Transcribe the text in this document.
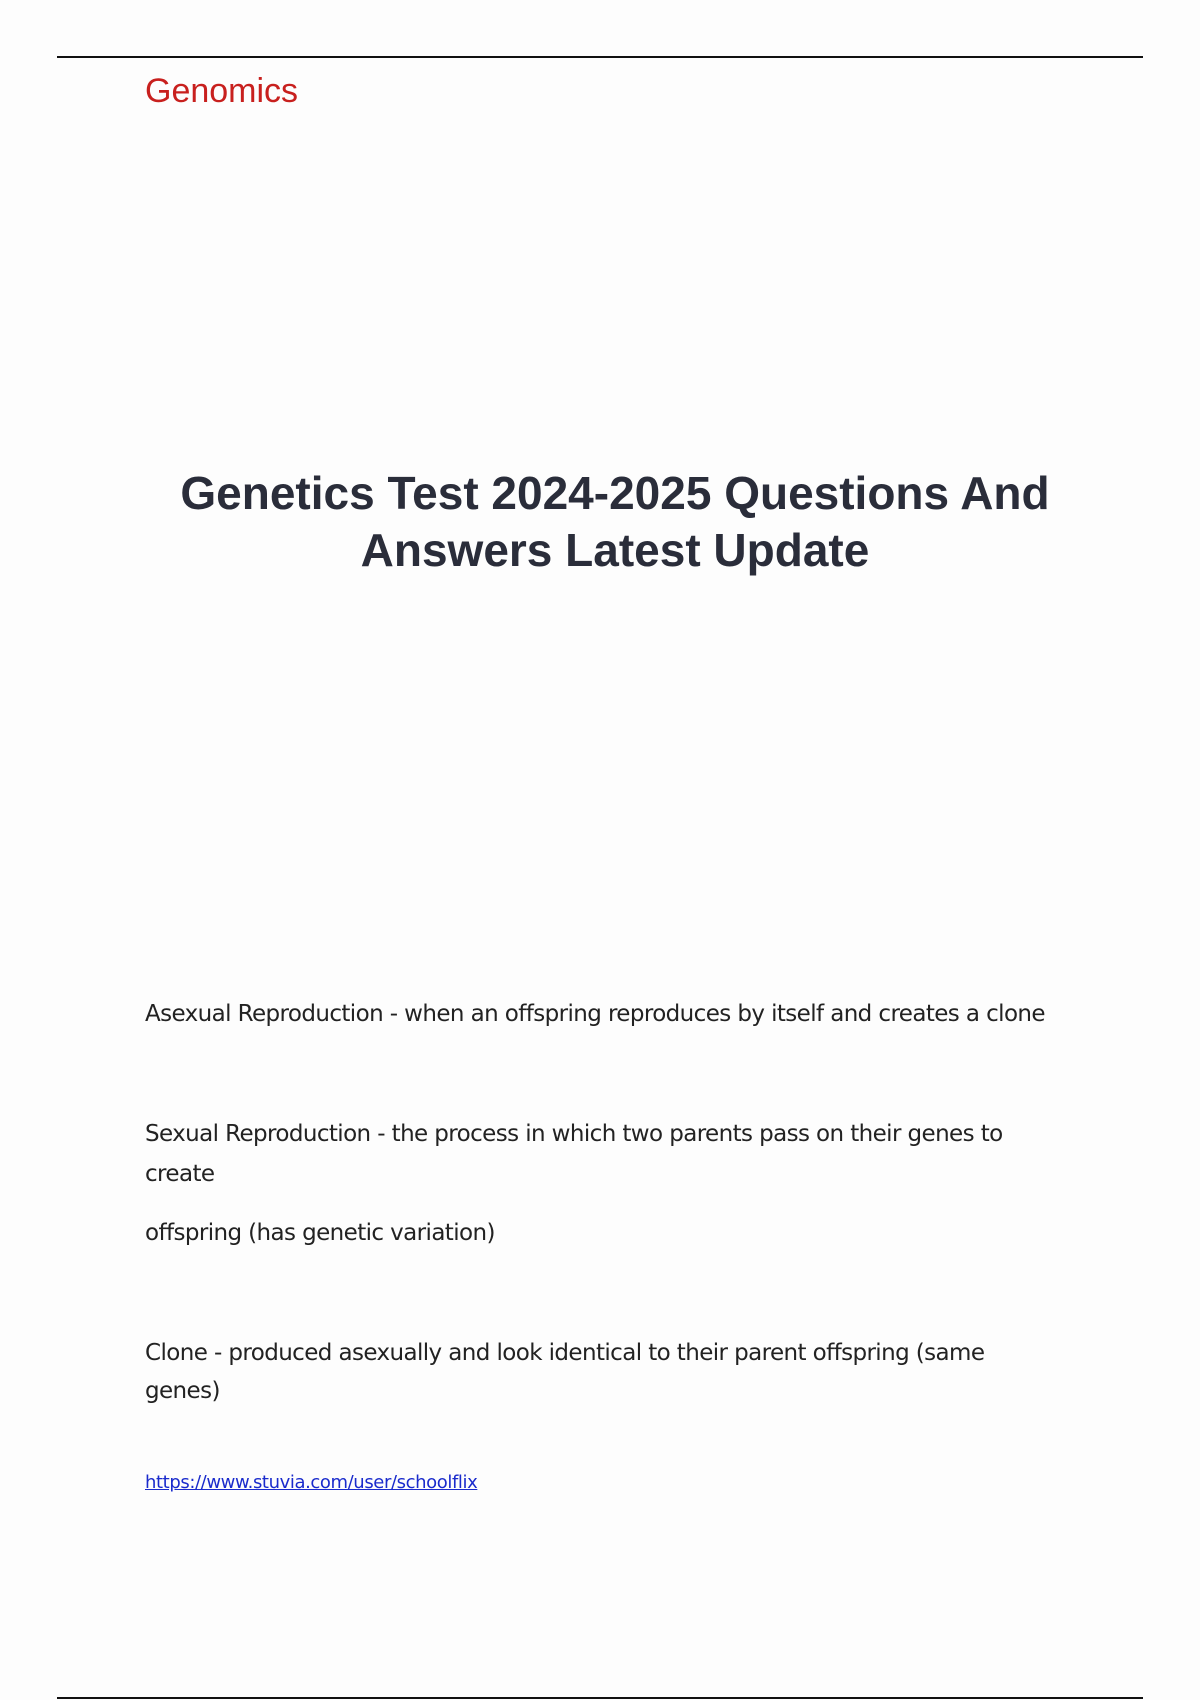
Genomics
Genetics Test 2024-2025 Questions And Answers Latest Update
Asexual Reproduction - when an offspring reproduces by itself and creates a clone
Sexual Reproduction - the process in which two parents pass on their genes to create
offspring (has genetic variation)
Clone - produced asexually and look identical to their parent offspring (same genes)
https://www.stuvia.com/user/schoolflix
